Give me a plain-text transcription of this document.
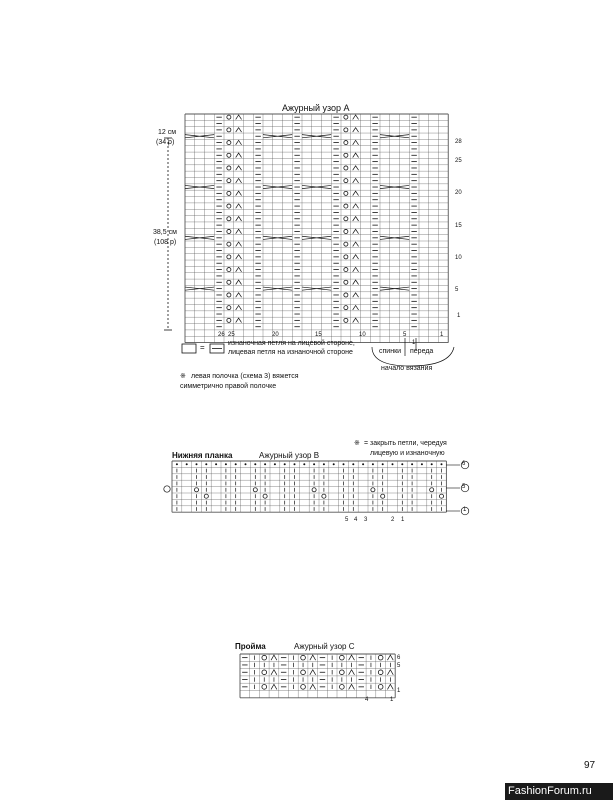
Ажурный узор А
12 см
(34 р)
38,5 см
(108 р)
28
25
20
15
10
5
1
26 25	20	15	10	5	1
=	изнаночная петля на лицевой стороне,
лицевая петля на изнаночной стороне	спинки переда
1
начало вязания
※ левая полочка (схема 3) вяжется
симметрично правой полочке
※ = закрыть петли, чередуя
лицевую и изнаночную
Нижняя планка	Ажурный узор В
6
5
1
5 4 3	2 1
Пройма	Ажурный узор С
6
5
1
4	1
97
FashionForum.ru
